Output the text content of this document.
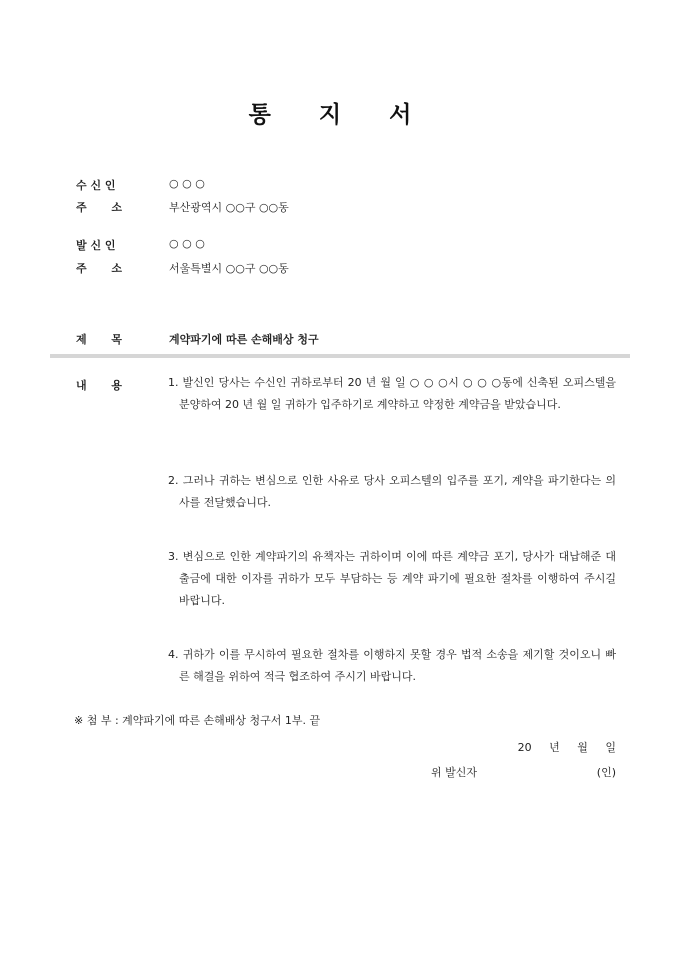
통 지 서
수 신 인	○ ○ ○
주 소	부산광역시 ○○구 ○○동
발 신 인	○ ○ ○
주 소	서울특별시 ○○구 ○○동
제 목	계약파기에 따른 손해배상 청구
내 용	1. 발신인 당사는 수신인 귀하로부터 20 년 월 일 ○ ○ ○시 ○ ○ ○동에 신축된 오피스텔을 분양하여 20 년 월 일 귀하가 입주하기로 계약하고 약정한 계약금을 받았습니다.
2. 그러나 귀하는 변심으로 인한 사유로 당사 오피스텔의 입주를 포기, 계약을 파기한다는 의사를 전달했습니다.
3. 변심으로 인한 계약파기의 유책자는 귀하이며 이에 따른 계약금 포기, 당사가 대납해준 대출금에 대한 이자를 귀하가 모두 부담하는 등 계약 파기에 필요한 절차를 이행하여 주시길 바랍니다.
4. 귀하가 이를 무시하여 필요한 절차를 이행하지 못할 경우 법적 소송을 제기할 것이오니 빠른 해결을 위하여 적극 협조하여 주시기 바랍니다.
※ 첨 부 : 계약파기에 따른 손해배상 청구서 1부. 끝
20 년 월 일
위 발신자	(인)
